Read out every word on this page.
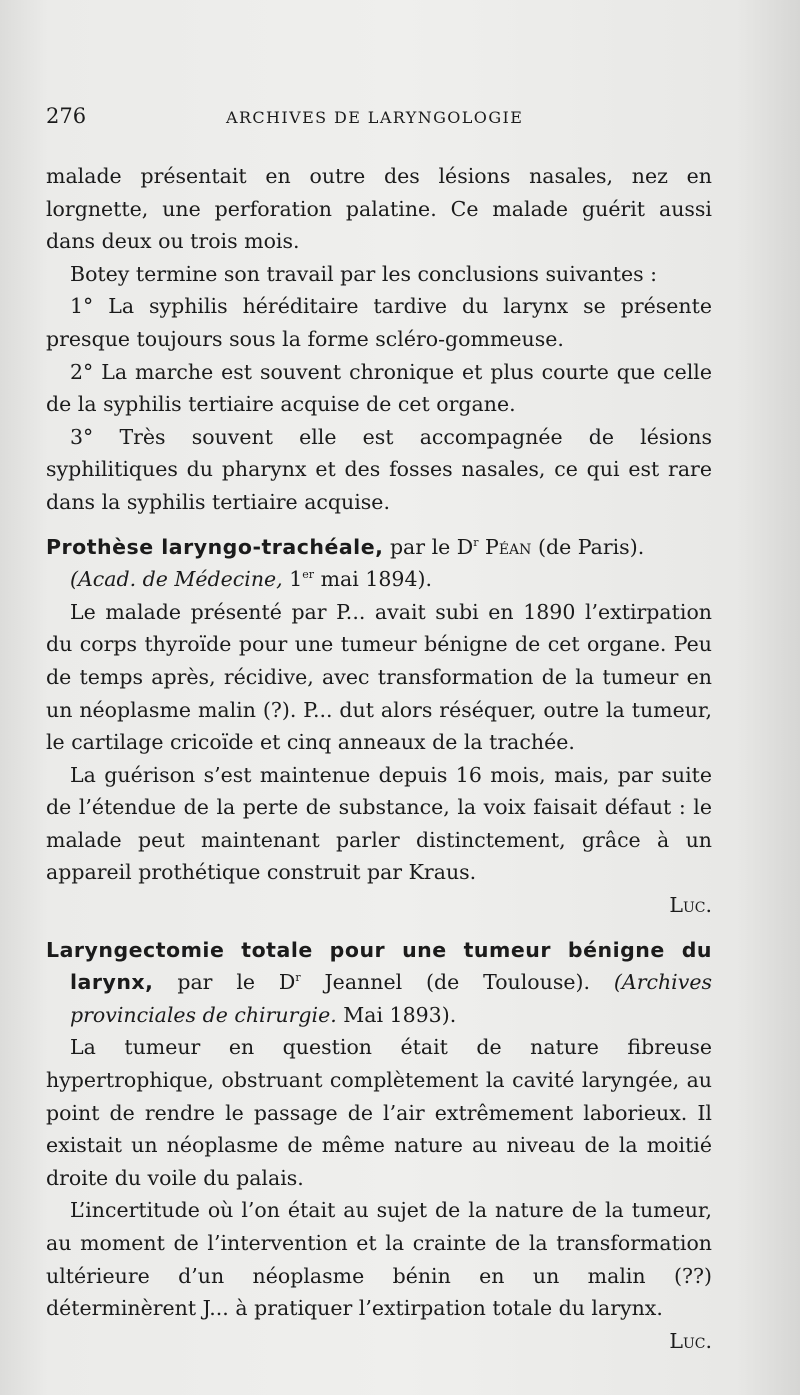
276	ARCHIVES DE LARYNGOLOGIE

malade présentait en outre des lésions nasales, nez en lorgnette, une perforation palatine. Ce malade guérit aussi dans deux ou trois mois.

Botey termine son travail par les conclusions suivantes :

1° La syphilis héréditaire tardive du larynx se présente presque toujours sous la forme scléro-gommeuse.

2° La marche est souvent chronique et plus courte que celle de la syphilis tertiaire acquise de cet organe.

3° Très souvent elle est accompagnée de lésions syphilitiques du pharynx et des fosses nasales, ce qui est rare dans la syphilis tertiaire acquise.

Prothèse laryngo-trachéale, par le $D^r$ Péan (de Paris).

(Acad. de Médecine, 1er mai 1894).

Le malade présenté par P... avait subi en 1890 l’extirpation du corps thyroïde pour une tumeur bénigne de cet organe. Peu de temps après, récidive, avec transformation de la tumeur en un néoplasme malin (?). P... dut alors réséquer, outre la tumeur, le cartilage cricoïde et cinq anneaux de la trachée.

La guérison s’est maintenue depuis 16 mois, mais, par suite de l’étendue de la perte de substance, la voix faisait défaut : le malade peut maintenant parler distinctement, grâce à un appareil prothétique construit par Kraus.

Luc.

Laryngectomie totale pour une tumeur bénigne du larynx, par le $D^r$ Jeannel (de Toulouse). (Archives provinciales de chirurgie. Mai 1893).

La tumeur en question était de nature fibreuse hypertrophique, obstruant complètement la cavité laryngée, au point de rendre le passage de l’air extrêmement laborieux. Il existait un néoplasme de même nature au niveau de la moitié droite du voile du palais.

L’incertitude où l’on était au sujet de la nature de la tumeur, au moment de l’intervention et la crainte de la transformation ultérieure d’un néoplasme bénin en un malin (??) déterminèrent J... à pratiquer l’extirpation totale du larynx.

Luc.
